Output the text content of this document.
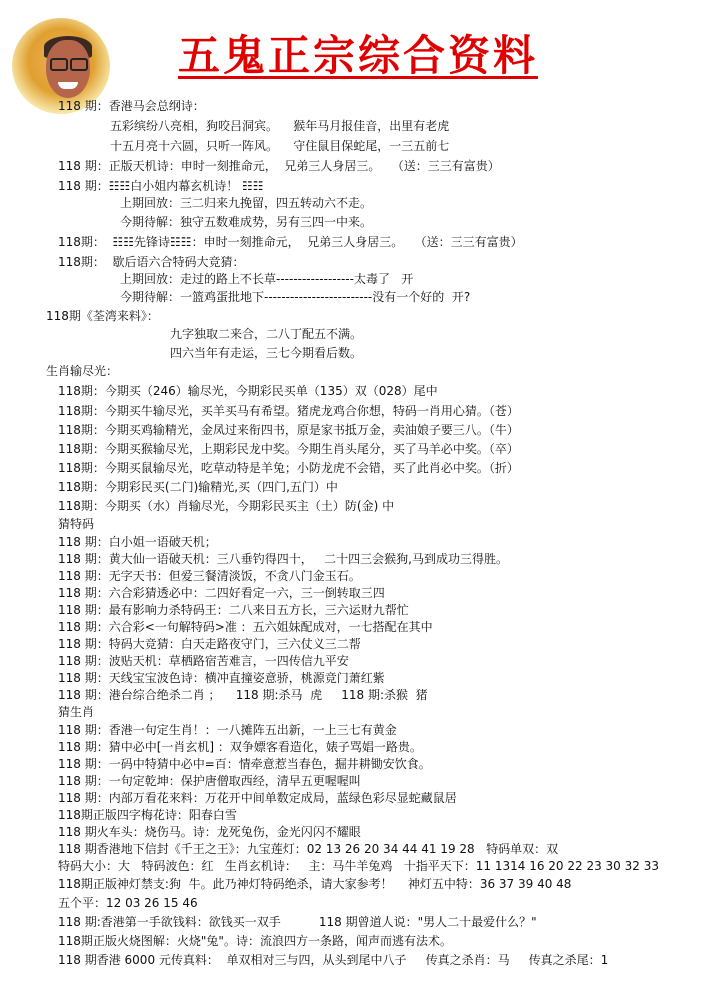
五鬼正宗综合资料
118 期：香港马会总纲诗：
五彩缤纷八亮相，狗咬吕洞宾。    猴年马月报佳音，出里有老虎
十五月亮十六圆，只听一阵风。    守住鼠目保蛇尾，一三五前七
118 期：正版天机诗：申时一刻推命元，  兄弟三人身居三。   （送：三三有富贵）
118 期：☷☷白小姐内幕玄机诗！ ☷☷
上期回放：三二归来九挽留，四五转动六不走。
今期待解：独守五数难成势，另有三四一中来。
118期：  ☷☷先锋诗☷☷：申时一刻推命元，  兄弟三人身居三。   （送：三三有富贵）
118期：  歇后语六合特码大竞猜：
上期回放：走过的路上不长草------------------太毒了   开
今期待解：一篮鸡蛋批地下-------------------------没有一个好的  开?
118期《荃湾来料》：
九字独取二来合，二八丁配五不满。
四六当年有走运，三七今期看后数。
生肖输尽光：
118期：今期买（246）输尽光，今期彩民买单（135）双（028）尾中
118期：今期买牛输尽光，买羊买马有希望。猪虎龙鸡合你想，特码一肖用心猜。（苍）
118期：今期买鸡输精光，金凤过来衔四书，原是家书抵万金，卖油娘子要三八。（牛）
118期：今期买猴输尽光，上期彩民龙中奖。今期生肖头尾分，买了马羊必中奖。（卒）
118期：今期买鼠输尽光，吃草动特是羊兔；小防龙虎不会错，买了此肖必中奖。（折）
118期：今期彩民买(二门)输精光,买（四门,五门）中
118期：今期买（水）肖输尽光，今期彩民买主（土）防(金) 中
猜特码
118 期：白小姐一语破天机；
118 期：黄大仙一语破天机：三八垂钓得四十，   二十四三会猴狗,马到成功三得胜。
118 期：无字天书：但爱三餐清淡饭，不贪八门金玉石。
118 期：六合彩猜透必中：二四好看定一六，三一倒转取三四
118 期：最有影响力杀特码王：二八来日五方长，三六运财九帮忙
118 期：六合彩<一句解特码>准 ：五六姐妹配成对，一七搭配在其中
118 期：特码大竞猜：白天走路夜守门，三六仗义三二帮
118 期：波贴天机：草栖路宿苦难言，一四传信九平安
118 期：天线宝宝波色诗：横冲直撞姿意骄，桃源竞门萧红紫
118 期：港台综合绝杀二肖 ；    118 期:杀马  虎     118 期:杀猴  猪
猜生肖
118 期：香港一句定生肖！：一八摊阵五出新，一上三七有黄金
118 期：猜中必中[一肖玄机] ：双争嫖客看造化，婊子骂娼一路贵。
118 期：一码中特猜中必中=百：情牵意惹当春色，掘井耕锄安饮食。
118 期：一句定乾坤：保护唐僧取西经，清早五更喔喔叫
118 期：内部万看花来料：万花开中间单数定成局，蓝绿色彩尽显蛇藏鼠居
118期正版四字梅花诗：阳春白雪
118 期火车头：烧伤马。诗：龙死兔伤，金光闪闪不耀眼
118 期香港地下信封《千王之王》：九宝莲灯：02 13 26 20 34 44 41 19 28   特码单双：双
特码大小：大   特码波色：红   生肖玄机诗：   主：马牛羊兔鸡   十指平天下：11 1314 16 20 22 23 30 32 33
118期正版神灯禁支:狗  牛。此乃神灯特码绝杀，请大家参考！    神灯五中特：36 37 39 40 48
五个平：12 03 26 15 46
118 期:香港第一手欲钱料：欲钱买一双手          118 期曾道人说："男人二十最爱什么？"
118期正版火烧图解：火烧"兔"。诗：流浪四方一条路，闻声而逃有法术。
118 期香港 6000 元传真料：  单双相对三与四，从头到尾中八子     传真之杀肖：马     传真之杀尾：1
